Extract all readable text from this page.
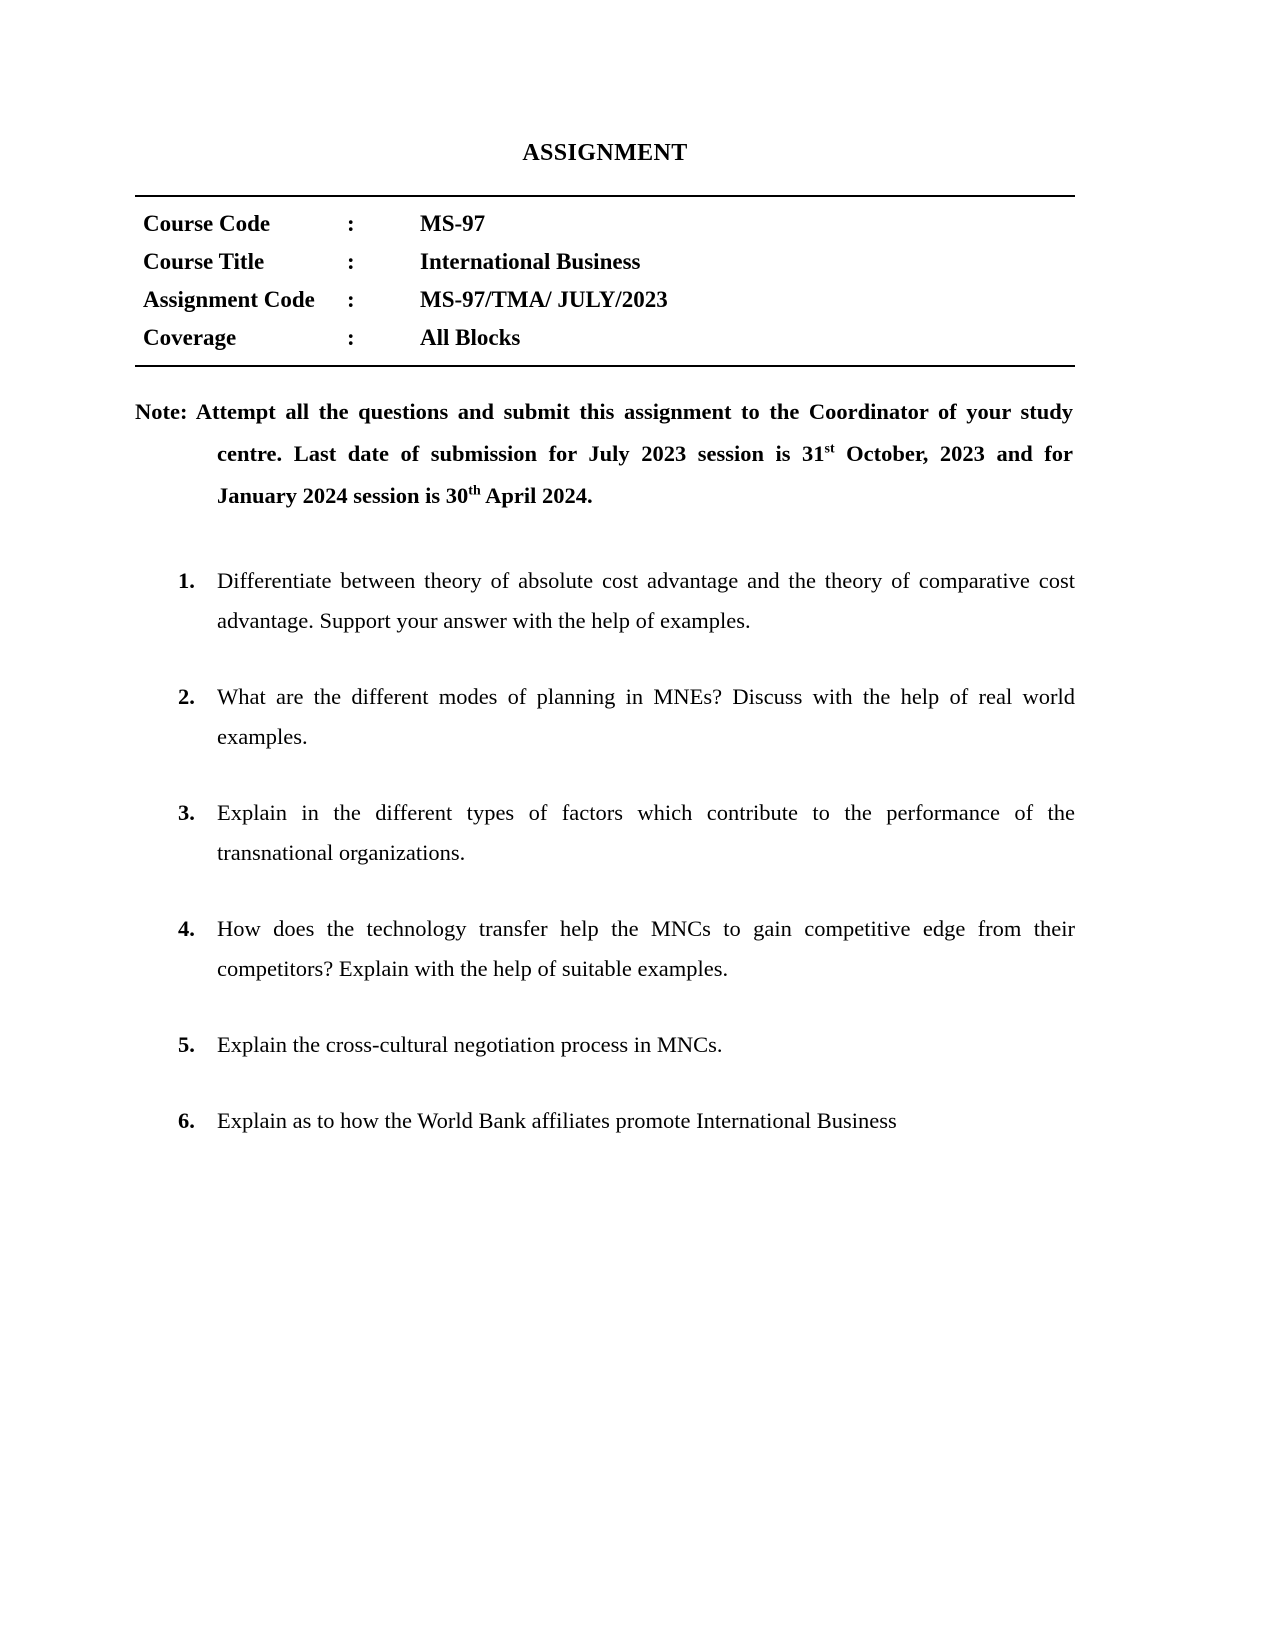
ASSIGNMENT
Course Code	:	MS-97
Course Title	:	International Business
Assignment Code	:	MS-97/TMA/ JULY/2023
Coverage	:	All Blocks

Note: Attempt all the questions and submit this assignment to the Coordinator of your study centre. Last date of submission for July 2023 session is 31st October, 2023 and for January 2024 session is 30th April 2024.

1. Differentiate between theory of absolute cost advantage and the theory of comparative cost advantage. Support your answer with the help of examples.
2. What are the different modes of planning in MNEs? Discuss with the help of real world examples.
3. Explain in the different types of factors which contribute to the performance of the transnational organizations.
4. How does the technology transfer help the MNCs to gain competitive edge from their competitors? Explain with the help of suitable examples.
5. Explain the cross-cultural negotiation process in MNCs.
6. Explain as to how the World Bank affiliates promote International Business
